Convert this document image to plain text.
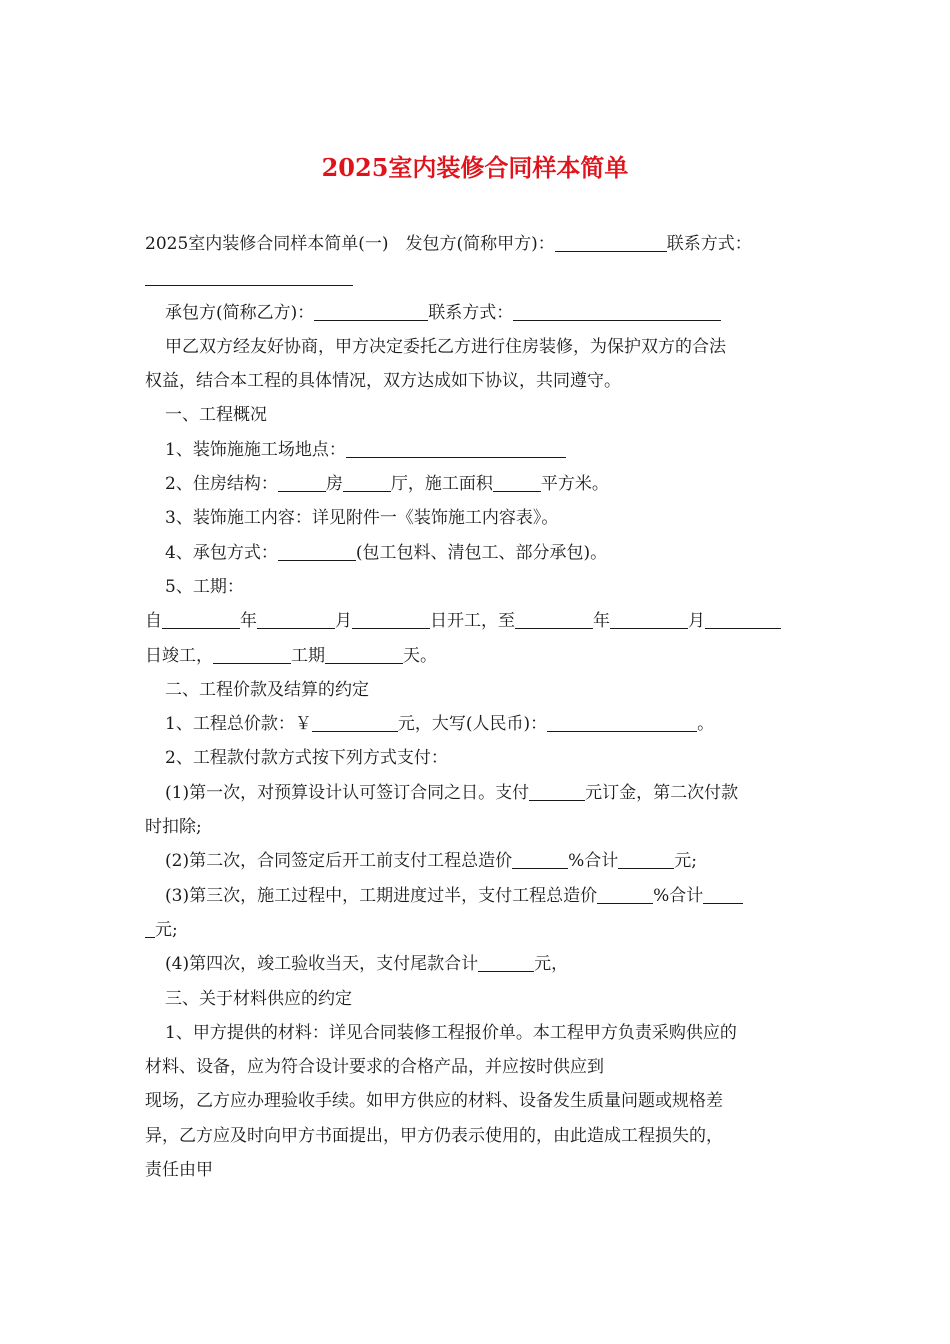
2025室内装修合同样本简单

2025室内装修合同样本简单(一)　发包方(简称甲方)：	联系方式：

承包方(简称乙方)：	联系方式：

甲乙双方经友好协商，甲方决定委托乙方进行住房装修，为保护双方的合法

权益，结合本工程的具体情况，双方达成如下协议，共同遵守。

一、工程概况

1、装饰施施工场地点：

2、住房结构：	房	厅，施工面积	平方米。

3、装饰施工内容：详见附件一《装饰施工内容表》。

4、承包方式：	(包工包料、清包工、部分承包)。

5、工期：

自	年	月	日开工，至	年	月

日竣工，	工期	天。

二、工程价款及结算的约定

1、工程总价款：￥	元，大写(人民币)：	。

2、工程款付款方式按下列方式支付：

(1)第一次，对预算设计认可签订合同之日。支付	元订金，第二次付款

时扣除;

(2)第二次，合同签定后开工前支付工程总造价	%合计	元;

(3)第三次，施工过程中，工期进度过半，支付工程总造价	%合计

元;

(4)第四次，竣工验收当天，支付尾款合计	元，

三、关于材料供应的约定

1、甲方提供的材料：详见合同装修工程报价单。本工程甲方负责采购供应的

材料、设备，应为符合设计要求的合格产品，并应按时供应到

现场，乙方应办理验收手续。如甲方供应的材料、设备发生质量问题或规格差

异，乙方应及时向甲方书面提出，甲方仍表示使用的，由此造成工程损失的，

责任由甲
